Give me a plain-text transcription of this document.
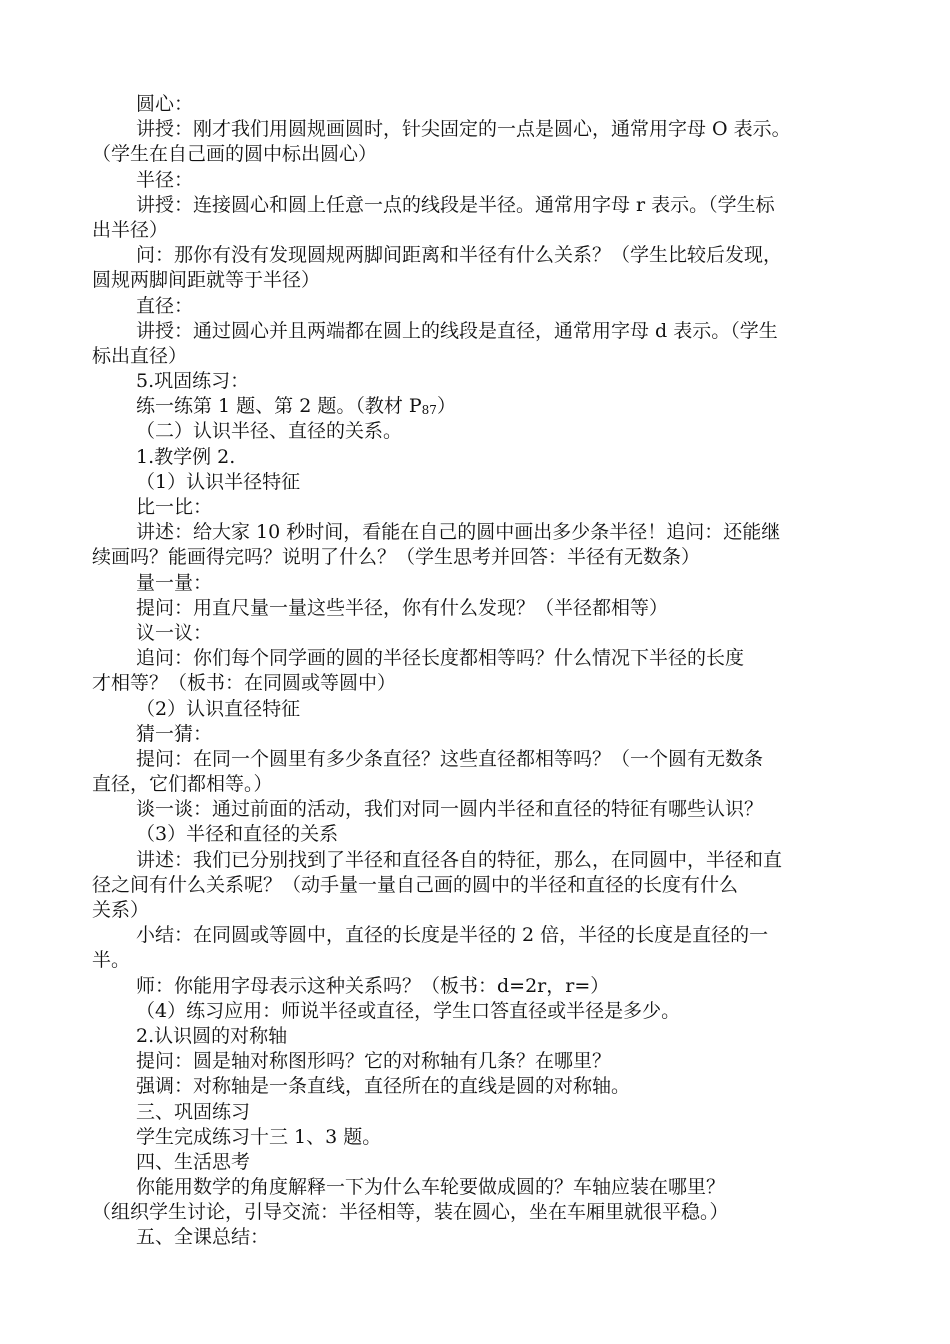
圆心：
讲授：刚才我们用圆规画圆时，针尖固定的一点是圆心，通常用字母 O 表示。
（学生在自己画的圆中标出圆心）
半径：
讲授：连接圆心和圆上任意一点的线段是半径。通常用字母 r 表示。（学生标
出半径）
问：那你有没有发现圆规两脚间距离和半径有什么关系？（学生比较后发现，
圆规两脚间距就等于半径）
直径：
讲授：通过圆心并且两端都在圆上的线段是直径，通常用字母 d 表示。（学生
标出直径）
5.巩固练习：
练一练第 1 题、第 2 题。（教材 P87）
（二）认识半径、直径的关系。
1.教学例 2.
（1）认识半径特征
比一比：
讲述：给大家 10 秒时间，看能在自己的圆中画出多少条半径！追问：还能继
续画吗？能画得完吗？说明了什么？（学生思考并回答：半径有无数条）
量一量：
提问：用直尺量一量这些半径，你有什么发现？（半径都相等）
议一议：
追问：你们每个同学画的圆的半径长度都相等吗？什么情况下半径的长度
才相等？（板书：在同圆或等圆中）
（2）认识直径特征
猜一猜：
提问：在同一个圆里有多少条直径？这些直径都相等吗？（一个圆有无数条
直径，它们都相等。）
谈一谈：通过前面的活动，我们对同一圆内半径和直径的特征有哪些认识？
（3）半径和直径的关系
讲述：我们已分别找到了半径和直径各自的特征，那么，在同圆中，半径和直
径之间有什么关系呢？（动手量一量自己画的圆中的半径和直径的长度有什么
关系）
小结：在同圆或等圆中，直径的长度是半径的 2 倍，半径的长度是直径的一
半。
师：你能用字母表示这种关系吗？（板书：d=2r，r=）
（4）练习应用：师说半径或直径，学生口答直径或半径是多少。
2.认识圆的对称轴
提问：圆是轴对称图形吗？它的对称轴有几条？在哪里？
强调：对称轴是一条直线，直径所在的直线是圆的对称轴。
三、巩固练习
学生完成练习十三 1、3 题。
四、生活思考
你能用数学的角度解释一下为什么车轮要做成圆的？车轴应装在哪里？
（组织学生讨论，引导交流：半径相等，装在圆心，坐在车厢里就很平稳。）
五、全课总结：
